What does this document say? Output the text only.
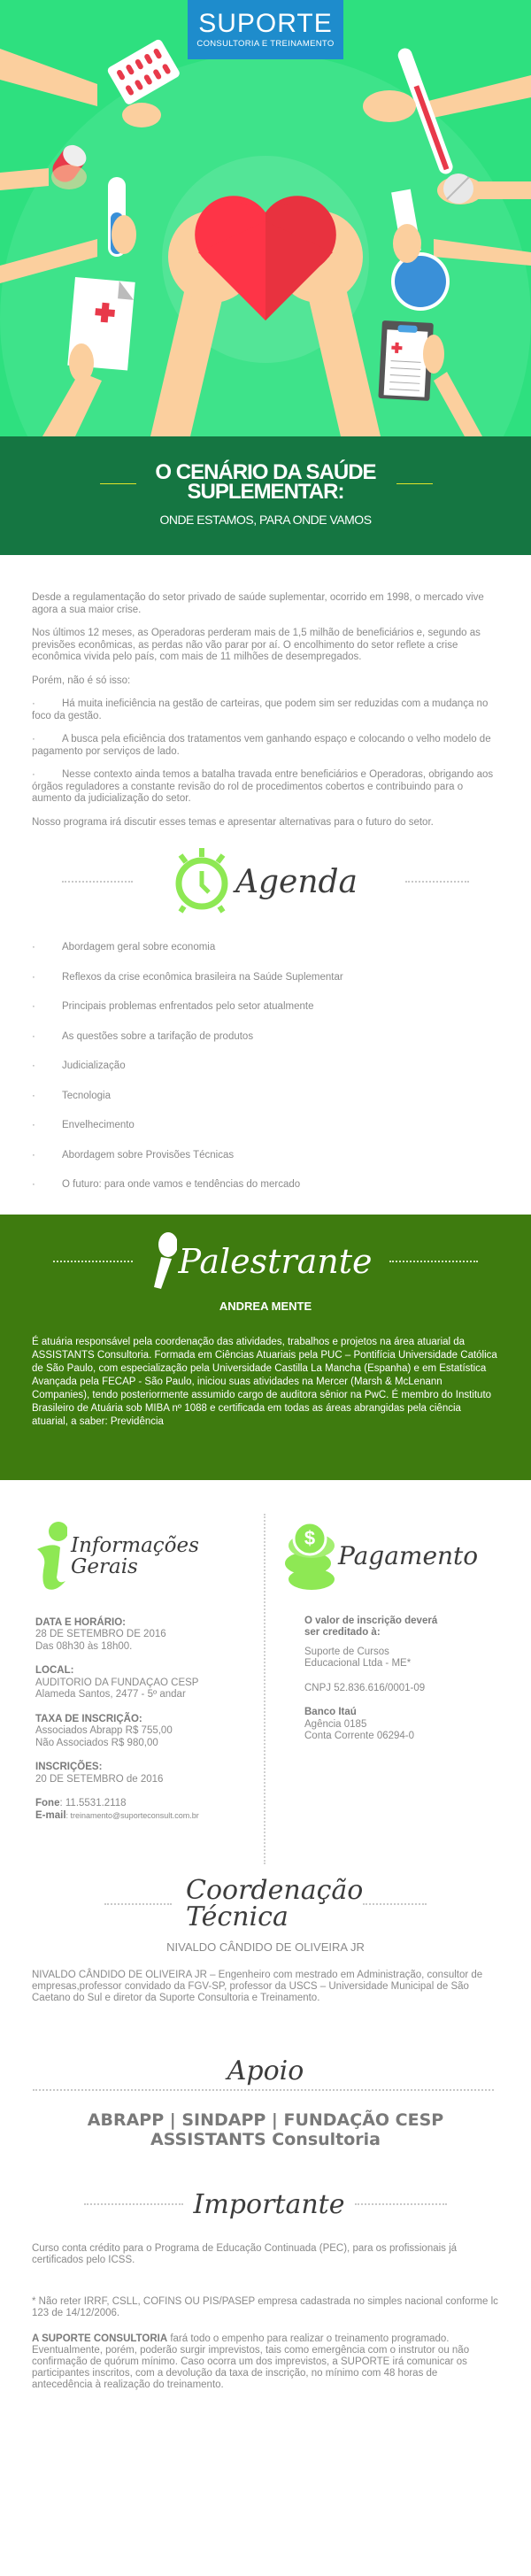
SUPORTE
CONSULTORIA E TREINAMENTO
O CENÁRIO DA SAÚDE
SUPLEMENTAR:
ONDE ESTAMOS, PARA ONDE VAMOS

Desde a regulamentação do setor privado de saúde suplementar, ocorrido em 1998, o mercado vive agora a sua maior crise.

Nos últimos 12 meses, as Operadoras perderam mais de 1,5 milhão de beneficiários e, segundo as previsões econômicas, as perdas não vão parar por aí. O encolhimento do setor reflete a crise econômica vivida pelo país, com mais de 11 milhões de desempregados.

Porém, não é só isso:

·	Há muita ineficiência na gestão de carteiras, que podem sim ser reduzidas com a mudança no foco da gestão.

·	A busca pela eficiência dos tratamentos vem ganhando espaço e colocando o velho modelo de pagamento por serviços de lado.

·	Nesse contexto ainda temos a batalha travada entre beneficiários e Operadoras, obrigando aos órgãos reguladores a constante revisão do rol de procedimentos cobertos e contribuindo para o aumento da judicialização do setor.

Nosso programa irá discutir esses temas e apresentar alternativas para o futuro do setor.

Agenda
·	Abordagem geral sobre economia
·	Reflexos da crise econômica brasileira na Saúde Suplementar
·	Principais problemas enfrentados pelo setor atualmente
·	As questões sobre a tarifação de produtos
·	Judicialização
·	Tecnologia
·	Envelhecimento
·	Abordagem sobre Provisões Técnicas
·	O futuro: para onde vamos e tendências do mercado
Palestrante
ANDREA MENTE
É atuária responsável pela coordenação das atividades, trabalhos e projetos na área atuarial da ASSISTANTS Consultoria. Formada em Ciências Atuariais pela PUC – Pontifícia Universidade Católica de São Paulo, com especialização pela Universidade Castilla La Mancha (Espanha) e em Estatística Avançada pela FECAP - São Paulo, iniciou suas atividades na Mercer (Marsh & McLenann Companies), tendo posteriormente assumido cargo de auditora sênior na PwC. É membro do Instituto Brasileiro de Atuária sob MIBA nº 1088 e certificada em todas as áreas abrangidas pela ciência atuarial, a saber: Previdência
Informações
Gerais
DATA E HORÁRIO:
28 DE SETEMBRO DE 2016
Das 08h30 às 18h00.
LOCAL:
AUDITORIO DA FUNDAÇAO CESP
Alameda Santos, 2477 - 5º andar
TAXA DE INSCRIÇÃO:
Associados Abrapp R$ 755,00
Não Associados R$ 980,00
INSCRIÇÕES:
20 DE SETEMBRO de 2016
Fone: 11.5531.2118
E-mail: treinamento@suporteconsult.com.br
$
Pagamento
O valor de inscrição deverá ser creditado à:
Suporte de Cursos
Educacional Ltda - ME*
CNPJ 52.836.616/0001-09
Banco Itaú
Agência 0185
Conta Corrente 06294-0
Coordenação
Técnica
NIVALDO CÂNDIDO DE OLIVEIRA JR
NIVALDO CÂNDIDO DE OLIVEIRA JR – Engenheiro com mestrado em Administração, consultor de empresas,professor convidado da FGV-SP, professor da USCS – Universidade Municipal de São Caetano do Sul e diretor da Suporte Consultoria e Treinamento.
Apoio
ABRAPP | SINDAPP | FUNDAÇÃO CESP
ASSISTANTS Consultoria
Importante

Curso conta crédito para o Programa de Educação Continuada (PEC), para os profissionais já certificados pelo ICSS.

* Não reter IRRF, CSLL, COFINS OU PIS/PASEP empresa cadastrada no simples nacional conforme lc 123 de 14/12/2006.

A SUPORTE CONSULTORIA fará todo o empenho para realizar o treinamento programado. Eventualmente, porém, poderão surgir imprevistos, tais como emergência com o instrutor ou não confirmação de quórum mínimo. Caso ocorra um dos imprevistos, a SUPORTE irá comunicar os participantes inscritos, com a devolução da taxa de inscrição, no mínimo com 48 horas de antecedência à realização do treinamento.
